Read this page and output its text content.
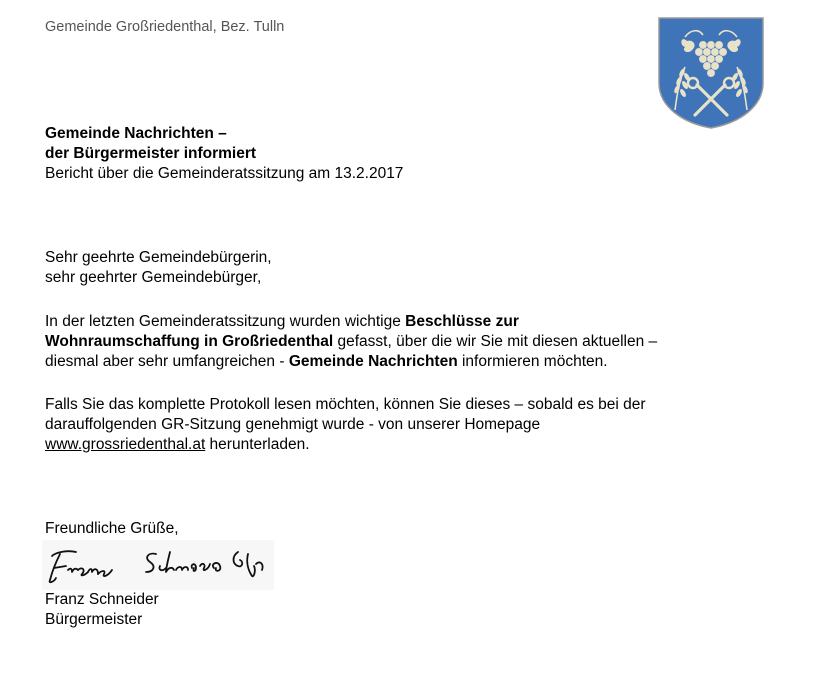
Gemeinde Großriedenthal, Bez. Tulln
Gemeinde Nachrichten –
der Bürgermeister informiert
Bericht über die Gemeinderatssitzung am 13.2.2017
Sehr geehrte Gemeindebürgerin,
sehr geehrter Gemeindebürger,
In der letzten Gemeinderatssitzung wurden wichtige Beschlüsse zur
Wohnraumschaffung in Großriedenthal gefasst, über die wir Sie mit diesen aktuellen –
diesmal aber sehr umfangreichen - Gemeinde Nachrichten informieren möchten.
Falls Sie das komplette Protokoll lesen möchten, können Sie dieses – sobald es bei der
darauffolgenden GR-Sitzung genehmigt wurde - von unserer Homepage
www.grossriedenthal.at herunterladen.
Freundliche Grüße,
Franz Schneider
Bürgermeister
